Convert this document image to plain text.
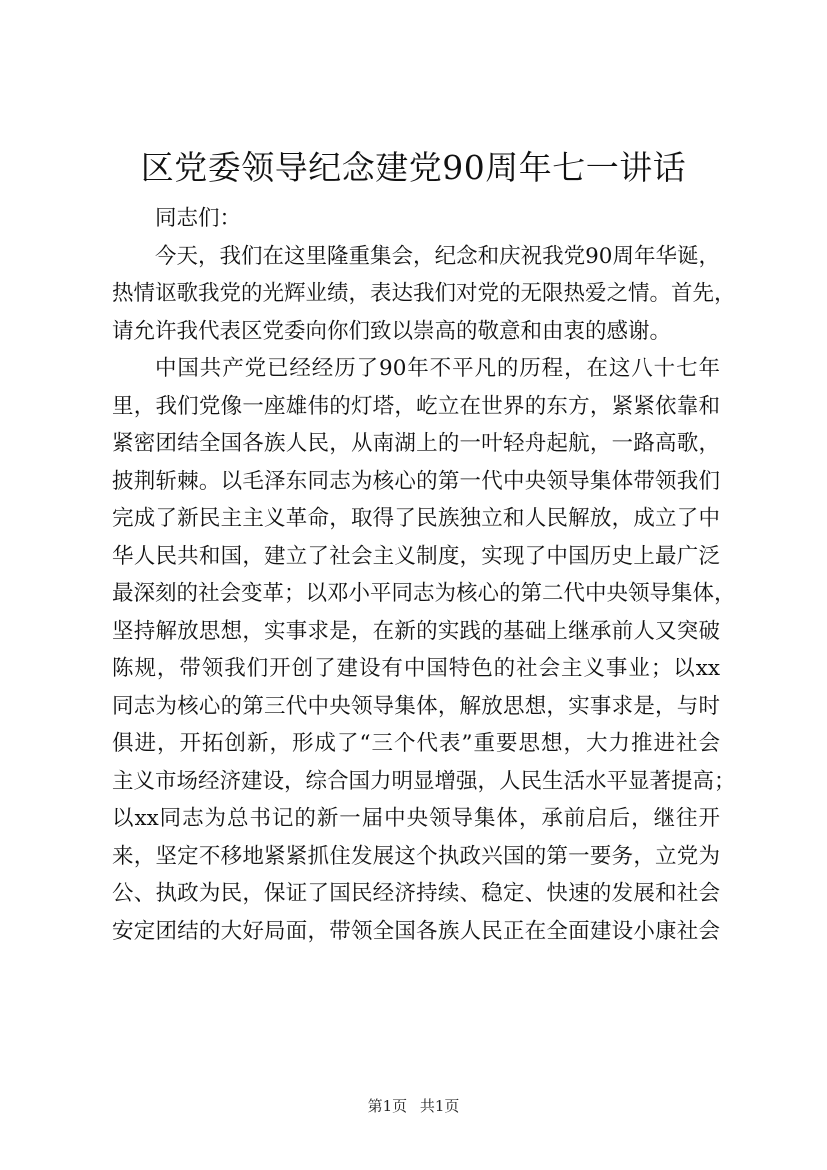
区党委领导纪念建党90周年七一讲话
同志们：
今天，我们在这里隆重集会，纪念和庆祝我党90周年华诞，
热情讴歌我党的光辉业绩，表达我们对党的无限热爱之情。首先，
请允许我代表区党委向你们致以崇高的敬意和由衷的感谢。
中国共产党已经经历了90年不平凡的历程，在这八十七年
里，我们党像一座雄伟的灯塔，屹立在世界的东方，紧紧依靠和
紧密团结全国各族人民，从南湖上的一叶轻舟起航，一路高歌，
披荆斩棘。以毛泽东同志为核心的第一代中央领导集体带领我们
完成了新民主主义革命，取得了民族独立和人民解放，成立了中
华人民共和国，建立了社会主义制度，实现了中国历史上最广泛
最深刻的社会变革；以邓小平同志为核心的第二代中央领导集体，
坚持解放思想，实事求是，在新的实践的基础上继承前人又突破
陈规，带领我们开创了建设有中国特色的社会主义事业；以xx
同志为核心的第三代中央领导集体，解放思想，实事求是，与时
俱进，开拓创新，形成了“三个代表”重要思想，大力推进社会
主义市场经济建设，综合国力明显增强，人民生活水平显著提高；
以xx同志为总书记的新一届中央领导集体，承前启后，继往开
来，坚定不移地紧紧抓住发展这个执政兴国的第一要务，立党为
公、执政为民，保证了国民经济持续、稳定、快速的发展和社会
安定团结的大好局面，带领全国各族人民正在全面建设小康社会
第1页 共1页
